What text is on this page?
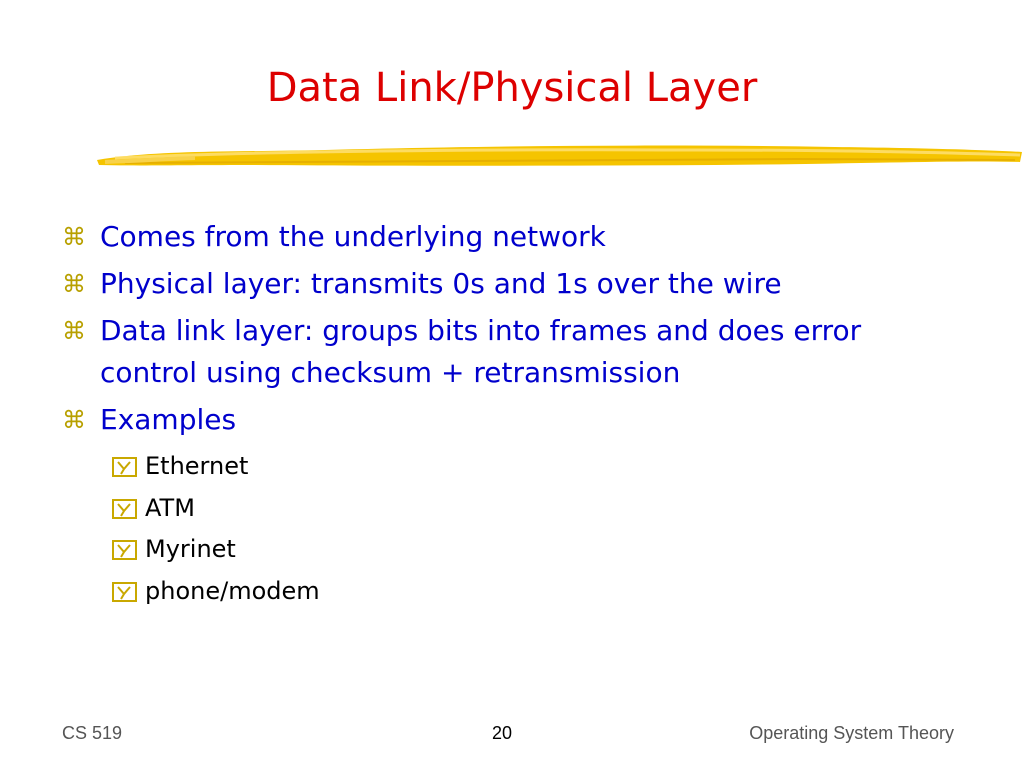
Data Link/Physical Layer
⌘ Comes from the underlying network
⌘ Physical layer: transmits 0s and 1s over the wire
⌘ Data link layer: groups bits into frames and does error control using checksum + retransmission
⌘ Examples
Ethernet
ATM
Myrinet
phone/modem
CS 519	20	Operating System Theory
